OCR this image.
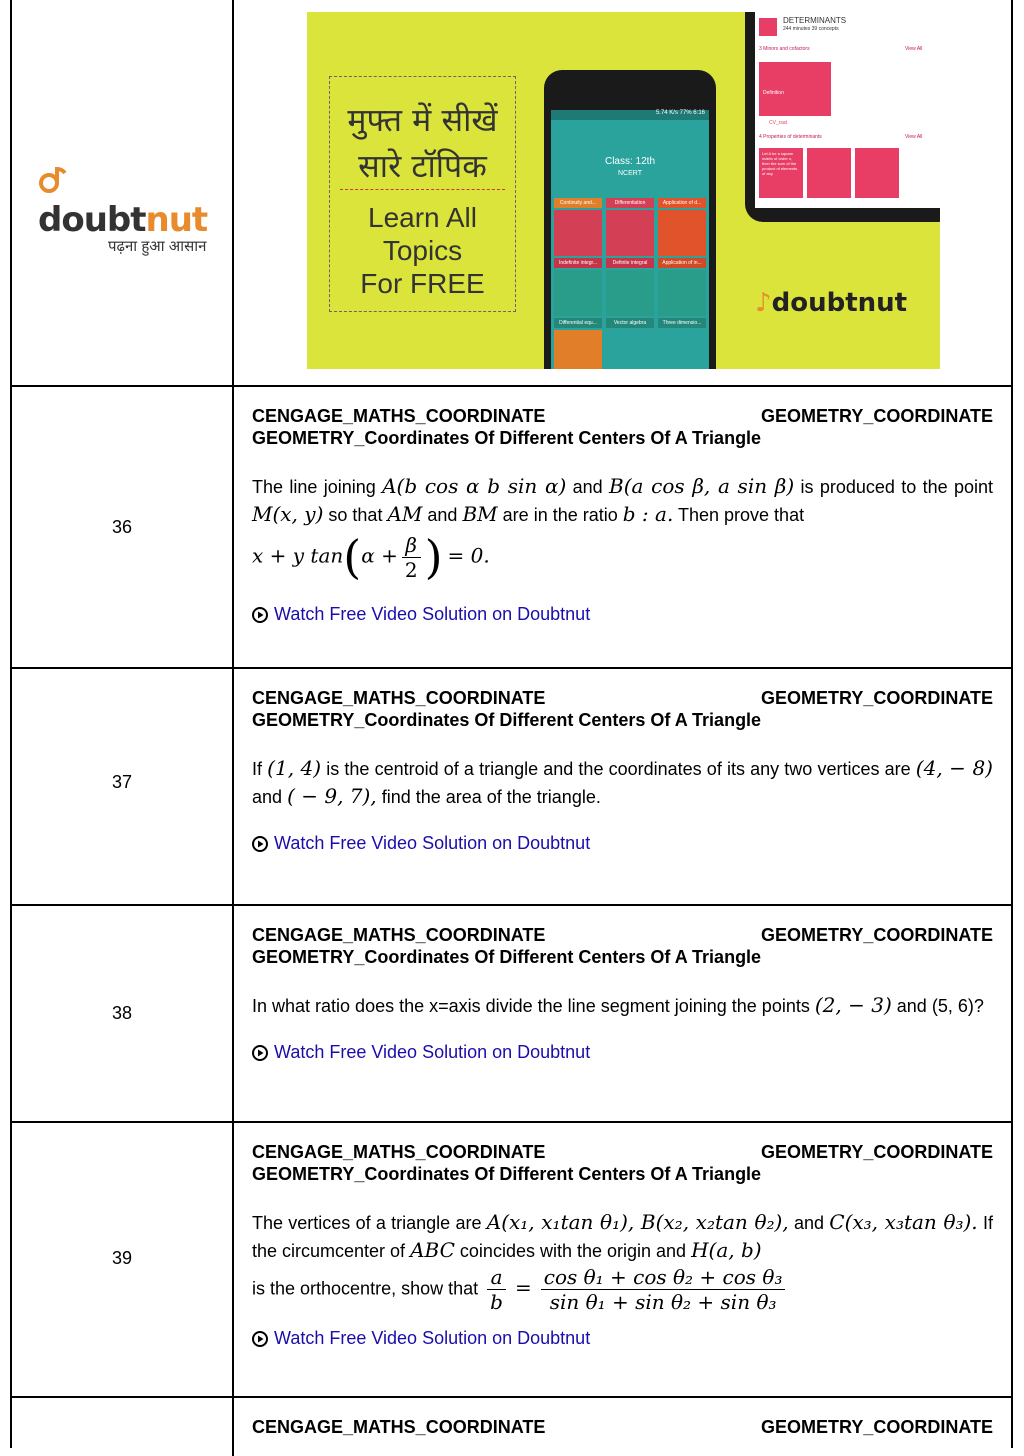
doubtnut
पढ़ना हुआ आसान
मुफ्त में सीखें
सारे टॉपिक
Learn All
Topics
For FREE
5.74 K/s 77% 6:16
Class: 12th
NCERT
Continuity and...	Differentiation	Application of d...
Indefinite integr...	Definite integral	Application of in...
Differential equ...	Vector algebra	Three dimensio...
DETERMINANTS
244 minutes 39 concepts
3 Minors and cofactors	View All
Definition
CV_rsat
4 Properties of determinants	View All
Let A be a square matrix of order n, then the sum of the product of elements of any
♪doubtnut
36
CENGAGE_MATHS_COORDINATE	GEOMETRY_COORDINATE
GEOMETRY_Coordinates Of Different Centers Of A Triangle
The line joining A(b cos α b sin α) and B(a cos β, a sin β) is produced to the point M(x, y) so that AM and BM are in the ratio b : a. Then prove that
x + y $\tan(\alpha + \frac{\beta}{2}$ ) = 0.
Watch Free Video Solution on Doubtnut
37
CENGAGE_MATHS_COORDINATE	GEOMETRY_COORDINATE
GEOMETRY_Coordinates Of Different Centers Of A Triangle
If (1, 4) is the centroid of a triangle and the coordinates of its any two vertices are (4, − 8) and ( − 9, 7), find the area of the triangle.
Watch Free Video Solution on Doubtnut
38
CENGAGE_MATHS_COORDINATE	GEOMETRY_COORDINATE
GEOMETRY_Coordinates Of Different Centers Of A Triangle
In what ratio does the x=axis divide the line segment joining the points (2, − 3) and (5, 6)?
Watch Free Video Solution on Doubtnut
39
CENGAGE_MATHS_COORDINATE	GEOMETRY_COORDINATE
GEOMETRY_Coordinates Of Different Centers Of A Triangle
The vertices of a triangle are A(x₁, x₁tan θ₁), B(x₂, x₂tan θ₂), and C(x₃, x₃tan θ₃). If the circumcenter of ABC coincides with the origin and H(a, b)
is the orthocentre, show that $\frac{a}{b} = \frac{\text{cos θ₁ + cos θ₂ + cos θ₃}}{\text{sin θ₁ + sin θ₂ + sin θ₃}}$
Watch Free Video Solution on Doubtnut
CENGAGE_MATHS_COORDINATE	GEOMETRY_COORDINATE
